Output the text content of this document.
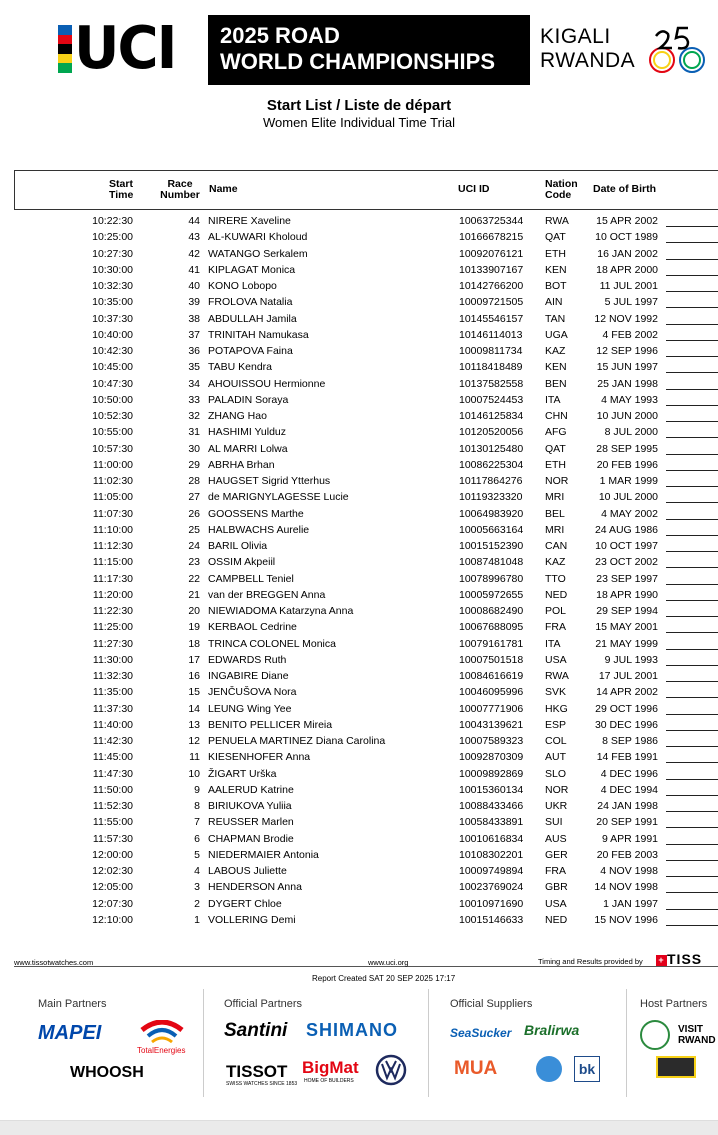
UCI 2025 ROAD
WORLD CHAMPIONSHIPS
KIGALI
RWANDA
Start List / Liste de départ
Women Elite Individual Time Trial
Start
Time
Race
Number Name	UCI ID	Nation
Code	Date of Birth
10:22:30	44 NIRERE Xaveline	10063725344 RWA	15 APR 2002
10:25:00	43 AL-KUWARI Kholoud	10166678215 QAT	10 OCT 1989
10:27:30	42 WATANGO Serkalem	10092076121 ETH	16 JAN 2002
10:30:00	41 KIPLAGAT Monica	10133907167 KEN	18 APR 2000
10:32:30	40 KONO Lobopo	10142766200 BOT	11 JUL 2001
10:35:00	39 FROLOVA Natalia	10009721505 AIN	5 JUL 1997
10:37:30	38 ABDULLAH Jamila	10145546157 TAN	12 NOV 1992
10:40:00	37 TRINITAH Namukasa	10146114013 UGA	4 FEB 2002
10:42:30	36 POTAPOVA Faina	10009811734 KAZ	12 SEP 1996
10:45:00	35 TABU Kendra	10118418489 KEN	15 JUN 1997
10:47:30	34 AHOUISSOU Hermionne	10137582558 BEN	25 JAN 1998
10:50:00	33 PALADIN Soraya	10007524453 ITA	4 MAY 1993
10:52:30	32 ZHANG Hao	10146125834 CHN	10 JUN 2000
10:55:00	31 HASHIMI Yulduz	10120520056 AFG	8 JUL 2000
10:57:30	30 AL MARRI Lolwa	10130125480 QAT	28 SEP 1995
11:00:00	29 ABRHA Brhan	10086225304 ETH	20 FEB 1996
11:02:30	28 HAUGSET Sigrid Ytterhus	10117864276 NOR	1 MAR 1999
11:05:00	27 de MARIGNYLAGESSE Lucie	10119323320 MRI	10 JUL 2000
11:07:30	26 GOOSSENS Marthe	10064983920 BEL	4 MAY 2002
11:10:00	25 HALBWACHS Aurelie	10005663164 MRI	24 AUG 1986
11:12:30	24 BARIL Olivia	10015152390 CAN	10 OCT 1997
11:15:00	23 OSSIM Akpeiil	10087481048 KAZ	23 OCT 2002
11:17:30	22 CAMPBELL Teniel	10078996780 TTO	23 SEP 1997
11:20:00	21 van der BREGGEN Anna	10005972655 NED	18 APR 1990
11:22:30	20 NIEWIADOMA Katarzyna Anna	10008682490 POL	29 SEP 1994
11:25:00	19 KERBAOL Cedrine	10067688095 FRA	15 MAY 2001
11:27:30	18 TRINCA COLONEL Monica	10079161781 ITA	21 MAY 1999
11:30:00	17 EDWARDS Ruth	10007501518 USA	9 JUL 1993
11:32:30	16 INGABIRE Diane	10084616619 RWA	17 JUL 2001
11:35:00	15 JENČUŠOVA Nora	10046095996 SVK	14 APR 2002
11:37:30	14 LEUNG Wing Yee	10007771906 HKG	29 OCT 1996
11:40:00	13 BENITO PELLICER Mireia	10043139621 ESP	30 DEC 1996
11:42:30	12 PENUELA MARTINEZ Diana Carolina	10007589323 COL	8 SEP 1986
11:45:00	11 KIESENHOFER Anna	10092870309 AUT	14 FEB 1991
11:47:30	10 ŽIGART Urška	10009892869 SLO	4 DEC 1996
11:50:00	9 AALERUD Katrine	10015360134 NOR	4 DEC 1994
11:52:30	8 BIRIUKOVA Yuliia	10088433466 UKR	24 JAN 1998
11:55:00	7 REUSSER Marlen	10058433891 SUI	20 SEP 1991
11:57:30	6 CHAPMAN Brodie	10010616834 AUS	9 APR 1991
12:00:00	5 NIEDERMAIER Antonia	10108302201 GER	20 FEB 2003
12:02:30	4 LABOUS Juliette	10009749894 FRA	4 NOV 1998
12:05:00	3 HENDERSON Anna	10023769024 GBR	14 NOV 1998
12:07:30	2 DYGERT Chloe	10010971690 USA	1 JAN 1997
12:10:00	1 VOLLERING Demi	10015146633 NED	15 NOV 1996
www.tissotwatches.com	www.uci.org	Timing and Results provided by + TISS
Report Created SAT 20 SEP 2025 17:17
Main Partners	Official Partners	Official Suppliers	Host Partners
MAPEI
TotalEnergies
WHOOSH
Santini SHIMANO
TISSOT
SWISS WATCHES SINCE 1853
BigMat
HOME OF BUILDERS
SeaSucker Bralirwa
MUA	bk
VISIT
RWAND
